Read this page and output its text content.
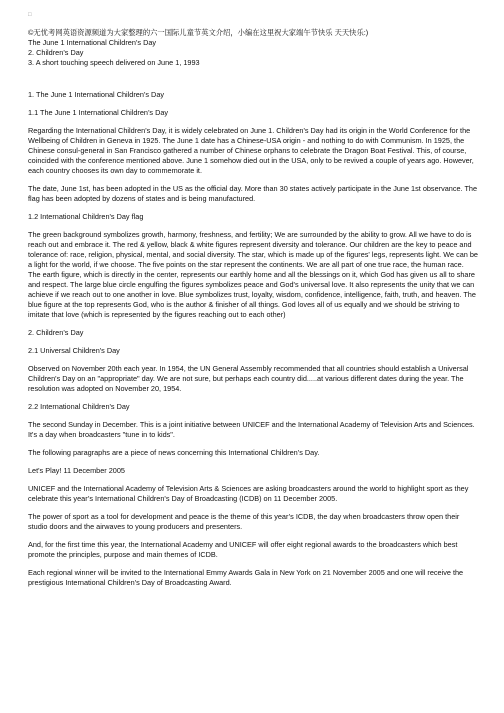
□
©无忧考网英语资源频道为大家整理的六一国际儿童节英文介绍，小编在这里祝大家端午节快乐 天天快乐:)
The June 1 International Children’s Day
2. Children’s Day
3. A short touching speech delivered on June 1, 1993
1. The June 1 International Children’s Day
1.1 The June 1 International Children’s Day
Regarding the International Children's Day, it is widely celebrated on June 1. Children's Day had its origin in the World Conference for the Wellbeing of Children in Geneva in 1925. The June 1 date has a Chinese-USA origin - and nothing to do with Communism. In 1925, the Chinese consul-general in San Francisco gathered a number of Chinese orphans to celebrate the Dragon Boat Festival. This, of course, coincided with the conference mentioned above. June 1 somehow died out in the USA, only to be revived a couple of years ago. However, each country chooses its own day to commemorate it.
The date, June 1st, has been adopted in the US as the official day. More than 30 states actively participate in the June 1st observance. The flag has been adopted by dozens of states and is being manufactured.
1.2 International Children's Day flag
The green background symbolizes growth, harmony, freshness, and fertility; We are surrounded by the ability to grow. All we have to do is reach out and embrace it. The red & yellow, black & white figures represent diversity and tolerance. Our children are the key to peace and tolerance of: race, religion, physical, mental, and social diversity. The star, which is made up of the figures' legs, represents light. We can be a light for the world, if we choose. The five points on the star represent the continents. We are all part of one true race, the human race. The earth figure, which is directly in the center, represents our earthly home and all the blessings on it, which God has given us all to share and respect. The large blue circle engulfing the figures symbolizes peace and God's universal love. It also represents the unity that we can achieve if we reach out to one another in love. Blue symbolizes trust, loyalty, wisdom, confidence, intelligence, faith, truth, and heaven. The blue figure at the top represents God, who is the author & finisher of all things. God loves all of us equally and we should be striving to imitate that love (which is represented by the figures reaching out to each other)
2. Children’s Day
2.1 Universal Children's Day
Observed on November 20th each year. In 1954, the UN General Assembly recommended that all countries should establish a Universal Children's Day on an "appropriate" day. We are not sure, but perhaps each country did.....at various different dates during the year. The resolution was adopted on November 20, 1954.
2.2 International Children's Day
The second Sunday in December. This is a joint initiative between UNICEF and the International Academy of Television Arts and Sciences. It's a day when broadcasters "tune in to kids".
The following paragraphs are a piece of news concerning this International Children’s Day.
Let's Play! 11 December 2005
UNICEF and the International Academy of Television Arts & Sciences are asking broadcasters around the world to highlight sport as they celebrate this year’s International Children's Day of Broadcasting (ICDB) on 11 December 2005.
The power of sport as a tool for development and peace is the theme of this year’s ICDB, the day when broadcasters throw open their studio doors and the airwaves to young producers and presenters.
And, for the first time this year, the International Academy and UNICEF will offer eight regional awards to the broadcasters which best promote the principles, purpose and main themes of ICDB.
Each regional winner will be invited to the International Emmy Awards Gala in New York on 21 November 2005 and one will receive the prestigious International Children's Day of Broadcasting Award.
